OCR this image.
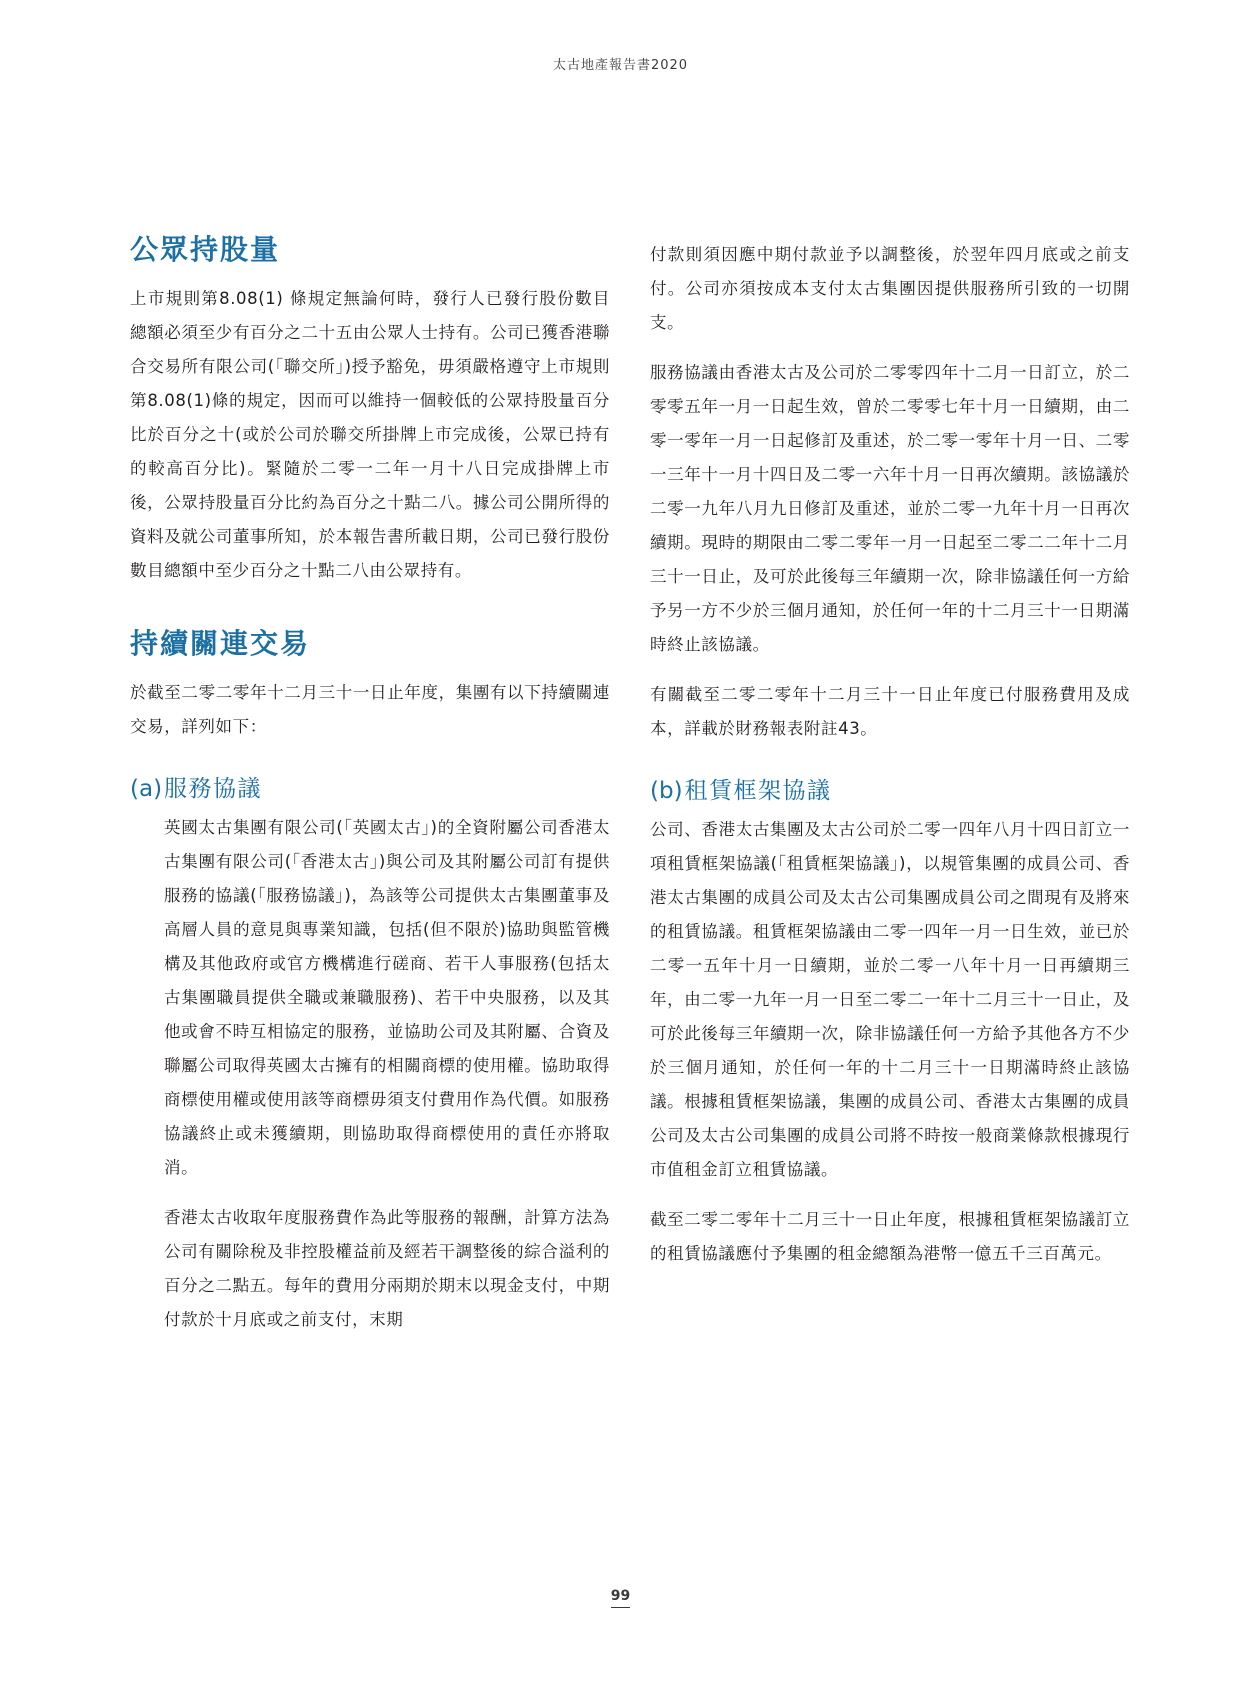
太古地產報告書2020
公眾持股量

上市規則第8.08(1) 條規定無論何時，發行人已發行股份數目總額必須至少有百分之二十五由公眾人士持有。公司已獲香港聯合交易所有限公司(「聯交所」)授予豁免，毋須嚴格遵守上市規則第8.08(1)條的規定，因而可以維持一個較低的公眾持股量百分比於百分之十(或於公司於聯交所掛牌上市完成後，公眾已持有的較高百分比)。緊隨於二零一二年一月十八日完成掛牌上市後，公眾持股量百分比約為百分之十點二八。據公司公開所得的資料及就公司董事所知，於本報告書所載日期，公司已發行股份數目總額中至少百分之十點二八由公眾持有。

持續關連交易

於截至二零二零年十二月三十一日止年度，集團有以下持續關連交易，詳列如下：

(a)服務協議

英國太古集團有限公司(「英國太古」)的全資附屬公司香港太古集團有限公司(「香港太古」)與公司及其附屬公司訂有提供服務的協議(「服務協議」)，為該等公司提供太古集團董事及高層人員的意見與專業知識，包括(但不限於)協助與監管機構及其他政府或官方機構進行磋商、若干人事服務(包括太古集團職員提供全職或兼職服務)、若干中央服務，以及其他或會不時互相協定的服務，並協助公司及其附屬、合資及聯屬公司取得英國太古擁有的相關商標的使用權。協助取得商標使用權或使用該等商標毋須支付費用作為代價。如服務協議終止或未獲續期，則協助取得商標使用的責任亦將取消。

香港太古收取年度服務費作為此等服務的報酬，計算方法為公司有關除稅及非控股權益前及經若干調整後的綜合溢利的百分之二點五。每年的費用分兩期於期末以現金支付，中期付款於十月底或之前支付，末期

付款則須因應中期付款並予以調整後，於翌年四月底或之前支付。公司亦須按成本支付太古集團因提供服務所引致的一切開支。

服務協議由香港太古及公司於二零零四年十二月一日訂立，於二零零五年一月一日起生效，曾於二零零七年十月一日續期，由二零一零年一月一日起修訂及重述，於二零一零年十月一日、二零一三年十一月十四日及二零一六年十月一日再次續期。該協議於二零一九年八月九日修訂及重述，並於二零一九年十月一日再次續期。現時的期限由二零二零年一月一日起至二零二二年十二月三十一日止，及可於此後每三年續期一次，除非協議任何一方給予另一方不少於三個月通知，於任何一年的十二月三十一日期滿時終止該協議。

有關截至二零二零年十二月三十一日止年度已付服務費用及成本，詳載於財務報表附註43。

(b)租賃框架協議

公司、香港太古集團及太古公司於二零一四年八月十四日訂立一項租賃框架協議(「租賃框架協議」)，以規管集團的成員公司、香港太古集團的成員公司及太古公司集團成員公司之間現有及將來的租賃協議。租賃框架協議由二零一四年一月一日生效，並已於二零一五年十月一日續期，並於二零一八年十月一日再續期三年，由二零一九年一月一日至二零二一年十二月三十一日止，及可於此後每三年續期一次，除非協議任何一方給予其他各方不少於三個月通知，於任何一年的十二月三十一日期滿時終止該協議。根據租賃框架協議，集團的成員公司、香港太古集團的成員公司及太古公司集團的成員公司將不時按一般商業條款根據現行市值租金訂立租賃協議。

截至二零二零年十二月三十一日止年度，根據租賃框架協議訂立的租賃協議應付予集團的租金總額為港幣一億五千三百萬元。

99
